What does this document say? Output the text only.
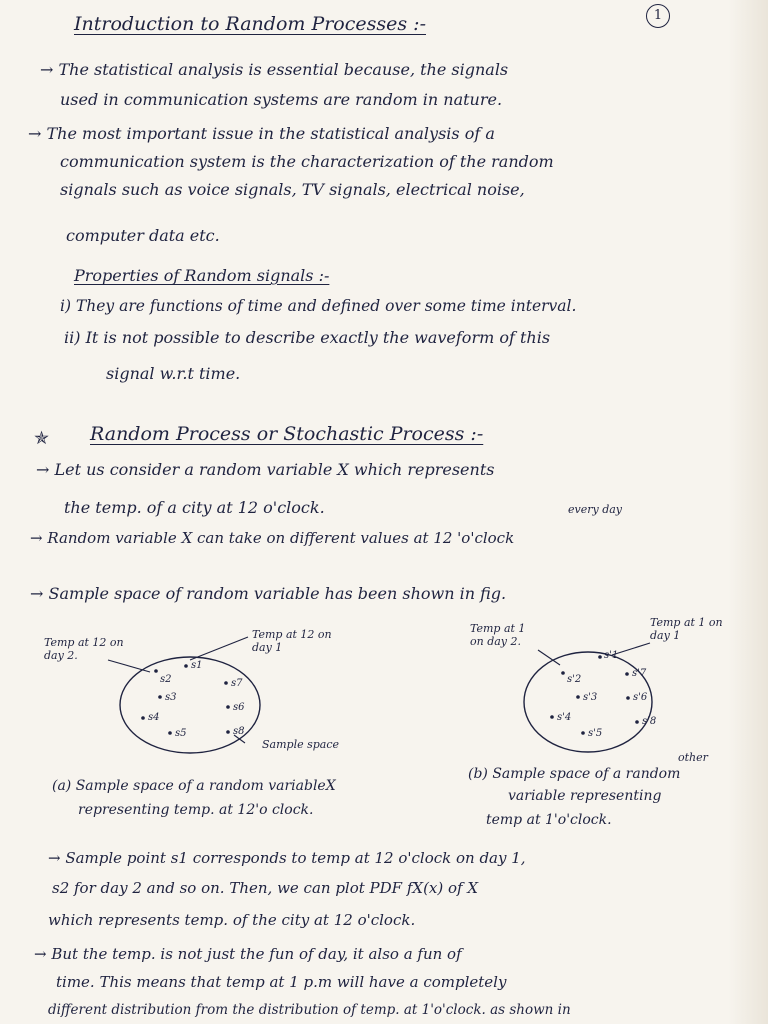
1
Introduction to Random Processes :-
→ The statistical analysis is essential because, the signals
used in communication systems are random in nature.
→ The most important issue in the statistical analysis of a
communication system is the characterization of the random
signals such as voice signals, TV signals, electrical noise,
computer data etc.
Properties of Random signals :-
i) They are functions of time and defined over some time interval.
ii) It is not possible to describe exactly the waveform of this
signal w.r.t time.
✯ Random Process or Stochastic Process :-
→ Let us consider a random variable X which represents
the temp. of a city at 12 o'clock.	every day
→ Random variable X can take on different values at 12 'o'clock
→ Sample space of random variable has been shown in fig.
Temp at 12 on day 2.
Temp at 12 on day 1
Sample space
s2
s1
s3
s4
s5
s6
s7
s8
Temp at 1 on day 2.
Temp at 1 on day 1
s'2
s'1
s'3
s'4
s'5
s'6
s'7
s'8
(a) Sample space of a random variableX
representing temp. at 12'o clock.
other
(b) Sample space of a random
variable representing
temp at 1'o'clock.
→ Sample point s1 corresponds to temp at 12 o'clock on day 1,
s2 for day 2 and so on. Then, we can plot PDF fX(x) of X
which represents temp. of the city at 12 o'clock.
→ But the temp. is not just the fun of day, it also a fun of
time. This means that temp at 1 p.m will have a completely
different distribution from the distribution of temp. at 1'o'clock. as shown in
